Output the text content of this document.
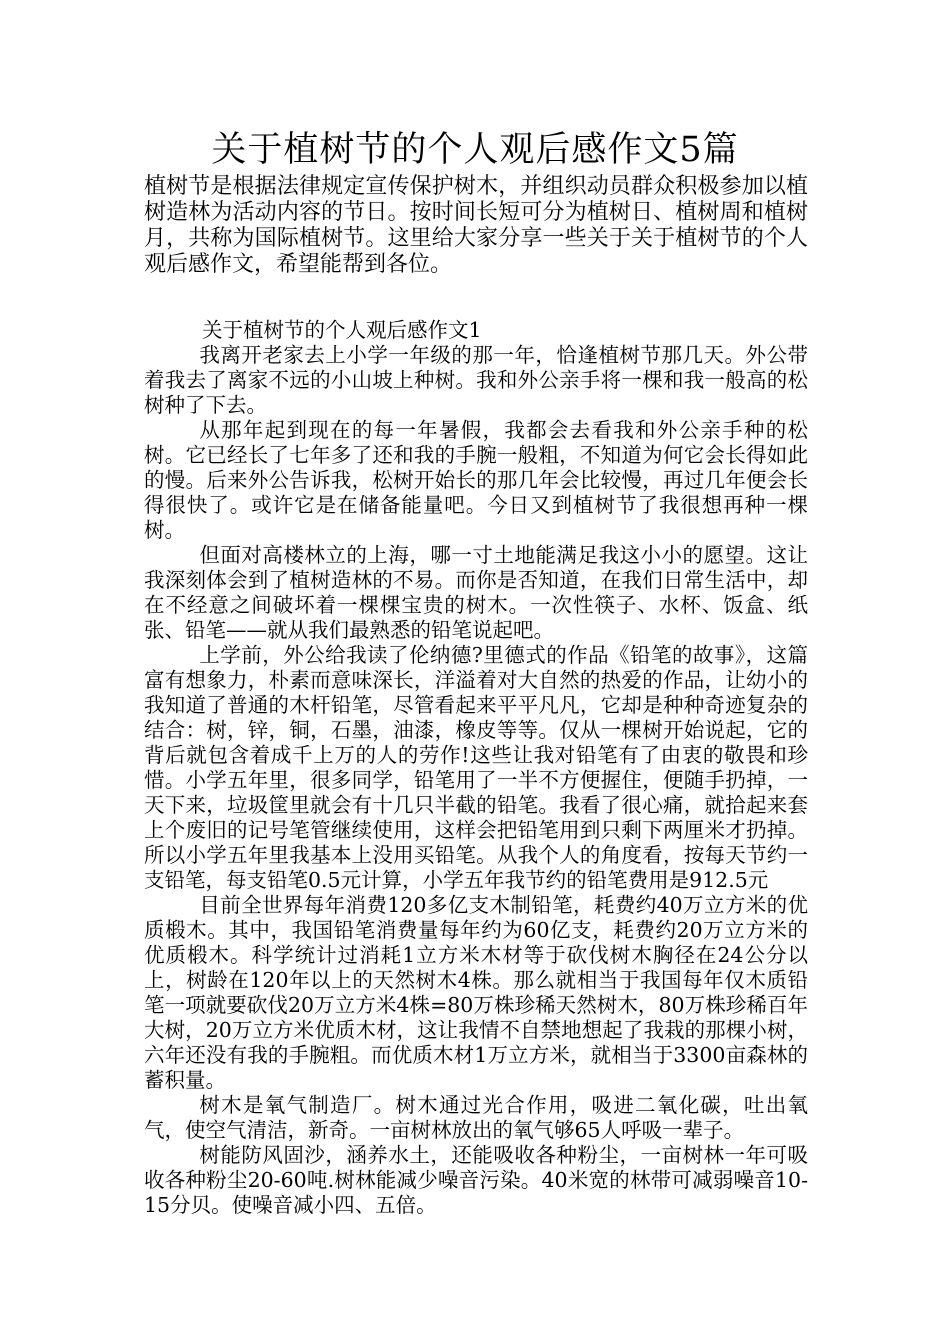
关于植树节的个人观后感作文5篇

植树节是根据法律规定宣传保护树木，并组织动员群众积极参加以植树造林为活动内容的节日。按时间长短可分为植树日、植树周和植树月，共称为国际植树节。这里给大家分享一些关于关于植树节的个人观后感作文，希望能帮到各位。

关于植树节的个人观后感作文1

我离开老家去上小学一年级的那一年，恰逢植树节那几天。外公带着我去了离家不远的小山坡上种树。我和外公亲手将一棵和我一般高的松树种了下去。

从那年起到现在的每一年暑假，我都会去看我和外公亲手种的松树。它已经长了七年多了还和我的手腕一般粗，不知道为何它会长得如此的慢。后来外公告诉我，松树开始长的那几年会比较慢，再过几年便会长得很快了。或许它是在储备能量吧。今日又到植树节了我很想再种一棵树。

但面对高楼林立的上海，哪一寸土地能满足我这小小的愿望。这让我深刻体会到了植树造林的不易。而你是否知道，在我们日常生活中，却在不经意之间破坏着一棵棵宝贵的树木。一次性筷子、水杯、饭盒、纸张、铅笔——就从我们最熟悉的铅笔说起吧。

上学前，外公给我读了伦纳德?里德式的作品《铅笔的故事》，这篇富有想象力，朴素而意味深长，洋溢着对大自然的热爱的作品，让幼小的我知道了普通的木杆铅笔，尽管看起来平平凡凡，它却是种种奇迹复杂的结合：树，锌，铜，石墨，油漆，橡皮等等。仅从一棵树开始说起，它的背后就包含着成千上万的人的劳作!这些让我对铅笔有了由衷的敬畏和珍惜。小学五年里，很多同学，铅笔用了一半不方便握住，便随手扔掉，一天下来，垃圾筐里就会有十几只半截的铅笔。我看了很心痛，就拾起来套上个废旧的记号笔管继续使用，这样会把铅笔用到只剩下两厘米才扔掉。所以小学五年里我基本上没用买铅笔。从我个人的角度看，按每天节约一支铅笔，每支铅笔0.5元计算，小学五年我节约的铅笔费用是912.5元

目前全世界每年消费120多亿支木制铅笔，耗费约40万立方米的优质椴木。其中，我国铅笔消费量每年约为60亿支，耗费约20万立方米的优质椴木。科学统计过消耗1立方米木材等于砍伐树木胸径在24公分以上，树龄在120年以上的天然树木4株。那么就相当于我国每年仅木质铅笔一项就要砍伐20万立方米4株=80万株珍稀天然树木，80万株珍稀百年大树，20万立方米优质木材，这让我情不自禁地想起了我栽的那棵小树，六年还没有我的手腕粗。而优质木材1万立方米，就相当于3300亩森林的蓄积量。

树木是氧气制造厂。树木通过光合作用，吸进二氧化碳，吐出氧气，使空气清洁，新奇。一亩树林放出的氧气够65人呼吸一辈子。

树能防风固沙，涵养水土，还能吸收各种粉尘，一亩树林一年可吸收各种粉尘20-60吨.树林能减少噪音污染。40米宽的林带可减弱噪音10-15分贝。使噪音减小四、五倍。
